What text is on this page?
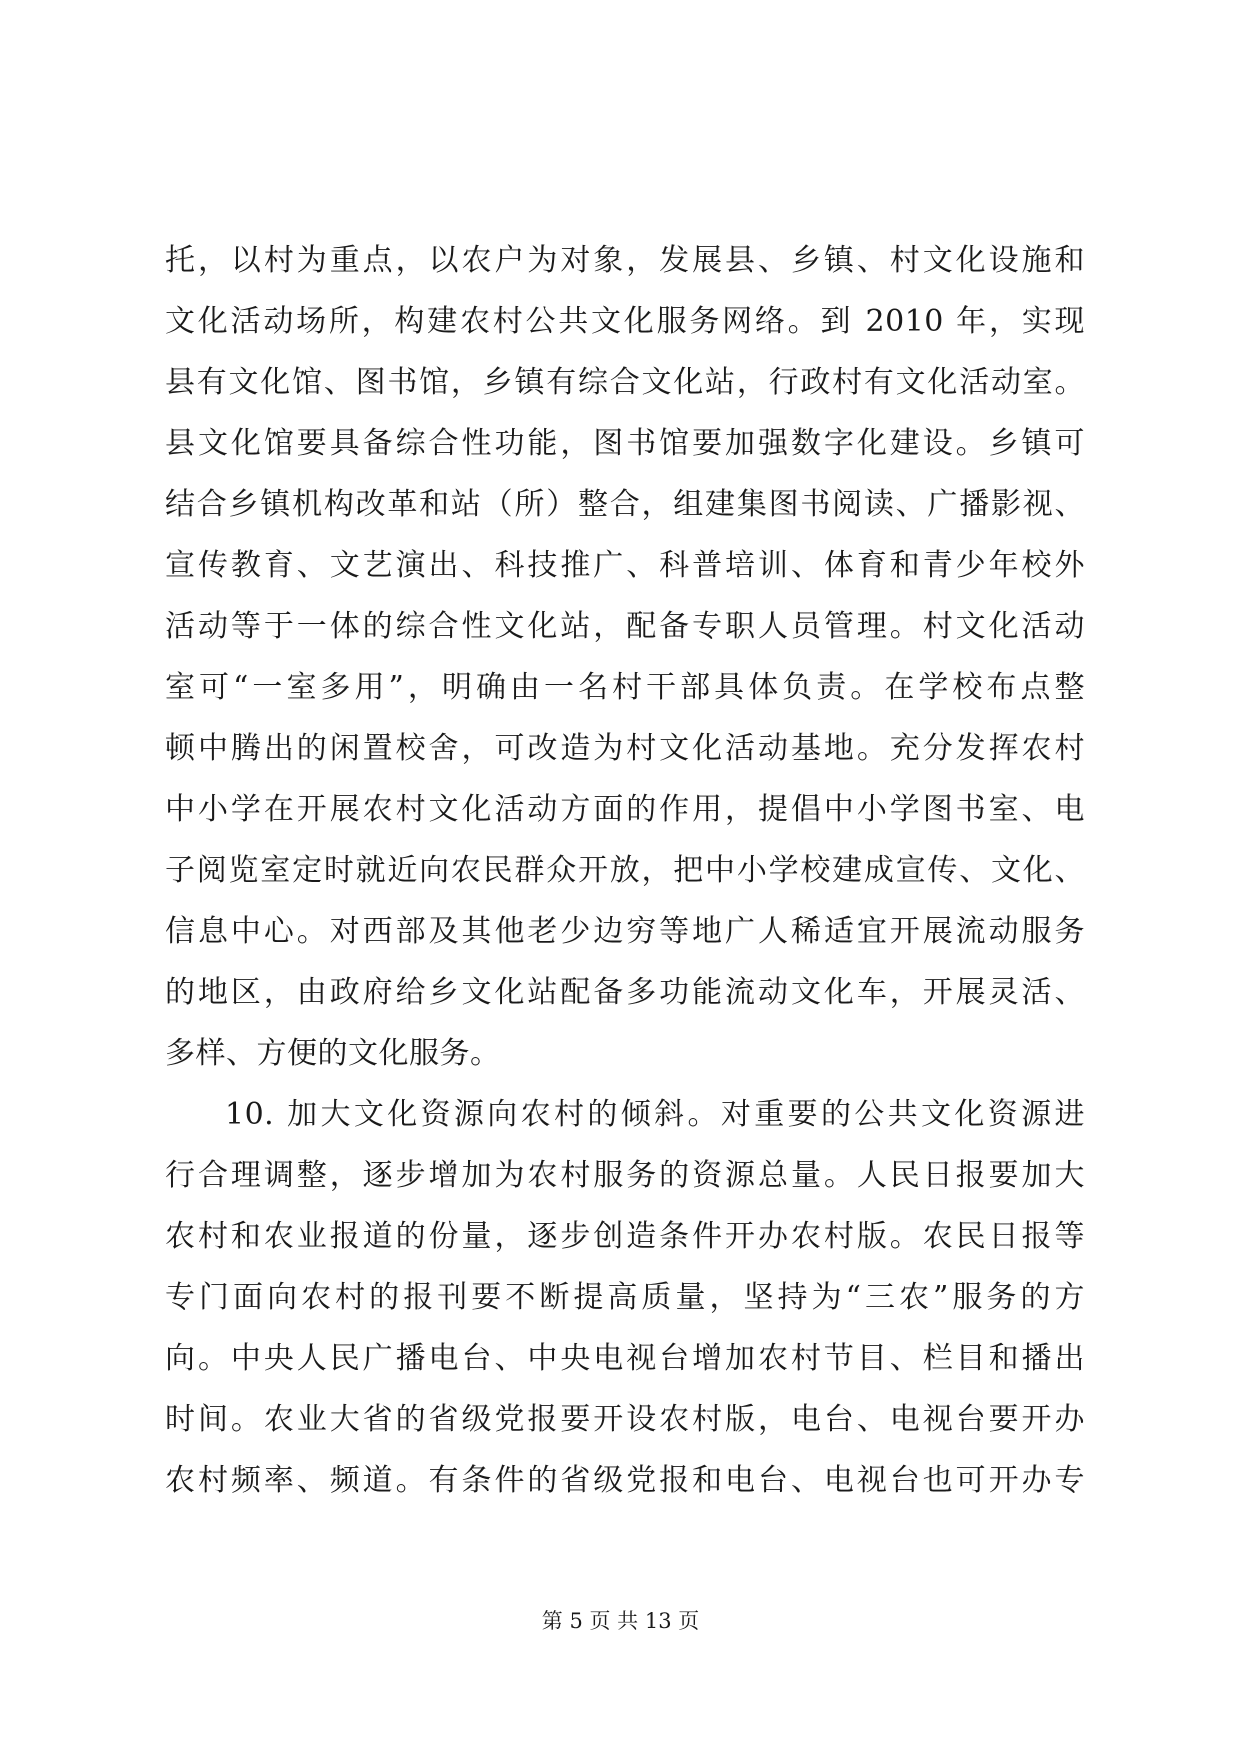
托，以村为重点，以农户为对象，发展县、乡镇、村文化设施和
文化活动场所，构建农村公共文化服务网络。到 2010 年，实现
县有文化馆、图书馆，乡镇有综合文化站，行政村有文化活动室。
县文化馆要具备综合性功能，图书馆要加强数字化建设。乡镇可
结合乡镇机构改革和站（所）整合，组建集图书阅读、广播影视、
宣传教育、文艺演出、科技推广、科普培训、体育和青少年校外
活动等于一体的综合性文化站，配备专职人员管理。村文化活动
室可“一室多用”，明确由一名村干部具体负责。在学校布点整
顿中腾出的闲置校舍，可改造为村文化活动基地。充分发挥农村
中小学在开展农村文化活动方面的作用，提倡中小学图书室、电
子阅览室定时就近向农民群众开放，把中小学校建成宣传、文化、
信息中心。对西部及其他老少边穷等地广人稀适宜开展流动服务
的地区，由政府给乡文化站配备多功能流动文化车，开展灵活、
多样、方便的文化服务。
10. 加大文化资源向农村的倾斜。对重要的公共文化资源进
行合理调整，逐步增加为农村服务的资源总量。人民日报要加大
农村和农业报道的份量，逐步创造条件开办农村版。农民日报等
专门面向农村的报刊要不断提高质量，坚持为“三农”服务的方
向。中央人民广播电台、中央电视台增加农村节目、栏目和播出
时间。农业大省的省级党报要开设农村版，电台、电视台要开办
农村频率、频道。有条件的省级党报和电台、电视台也可开办专
第 5 页 共 13 页
